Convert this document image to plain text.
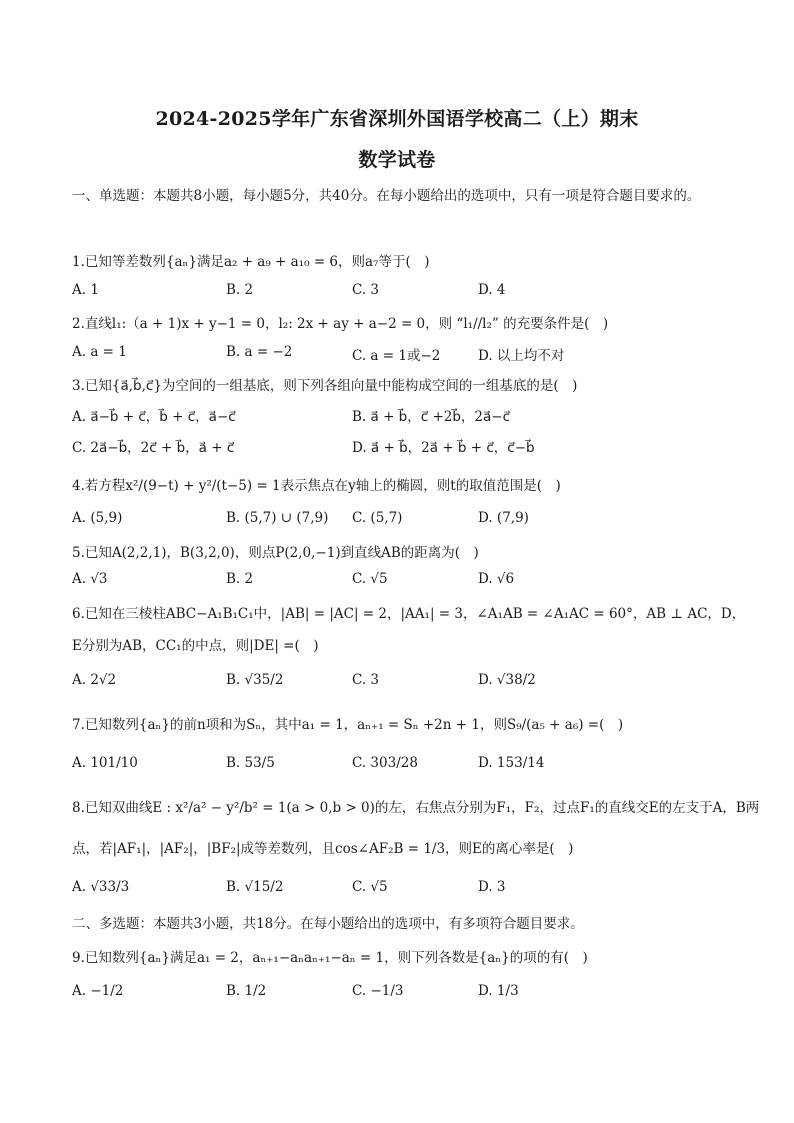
2024-2025学年广东省深圳外国语学校高二（上）期末
数学试卷
一、单选题：本题共8小题，每小题5分，共40分。在每小题给出的选项中，只有一项是符合题目要求的。
1.已知等差数列{aₙ}满足a₂ + a₉ + a₁₀ = 6，则a₇等于(　)
A. 1	B. 2	C. 3	D. 4
2.直线l₁:（a + 1)x + y−1 = 0，l₂: 2x + ay + a−2 = 0，则 “l₁//l₂” 的充要条件是(　)
A. a = 1	B. a = −2	C. a = 1或−2	D. 以上均不对
3.已知{a⃗,b⃗,c⃗}为空间的一组基底，则下列各组向量中能构成空间的一组基底的是(　)
A. a⃗−b⃗ + c⃗，b⃗ + c⃗，a⃗−c⃗	B. a⃗ + b⃗，c⃗ +2b⃗，2a⃗−c⃗
C. 2a⃗−b⃗，2c⃗ + b⃗，a⃗ + c⃗	D. a⃗ + b⃗，2a⃗ + b⃗ + c⃗，c⃗−b⃗
4.若方程x²/(9−t) + y²/(t−5) = 1表示焦点在y轴上的椭圆，则t的取值范围是(　)
A. (5,9)	B. (5,7) ∪ (7,9) C. (5,7)	D. (7,9)
5.已知A(2,2,1)，B(3,2,0)，则点P(2,0,−1)到直线AB的距离为(　)
A. √3	B. 2	C. √5	D. √6
6.已知在三棱柱ABC−A₁B₁C₁中，|AB| = |AC| = 2，|AA₁| = 3，∠A₁AB = ∠A₁AC = 60°，AB ⊥ AC，D，
E分别为AB，CC₁的中点，则|DE| =(　)
A. 2√2	B. √35/2	C. 3	D. √38/2
7.已知数列{aₙ}的前n项和为Sₙ，其中a₁ = 1，aₙ₊₁ = Sₙ +2n + 1，则S₉/(a₅ + a₆) =(　)
A. 101/10	B. 53/5	C. 303/28	D. 153/14
8.已知双曲线E : x²/a² − y²/b² = 1(a > 0,b > 0)的左，右焦点分别为F₁，F₂，过点F₁的直线交E的左支于A，B两
点，若|AF₁|，|AF₂|，|BF₂|成等差数列，且cos∠AF₂B = 1/3，则E的离心率是(　)
A. √33/3	B. √15/2	C. √5	D. 3
二、多选题：本题共3小题，共18分。在每小题给出的选项中，有多项符合题目要求。
9.已知数列{aₙ}满足a₁ = 2，aₙ₊₁−aₙaₙ₊₁−aₙ = 1，则下列各数是{aₙ}的项的有(　)
A. −1/2	B. 1/2	C. −1/3	D. 1/3
